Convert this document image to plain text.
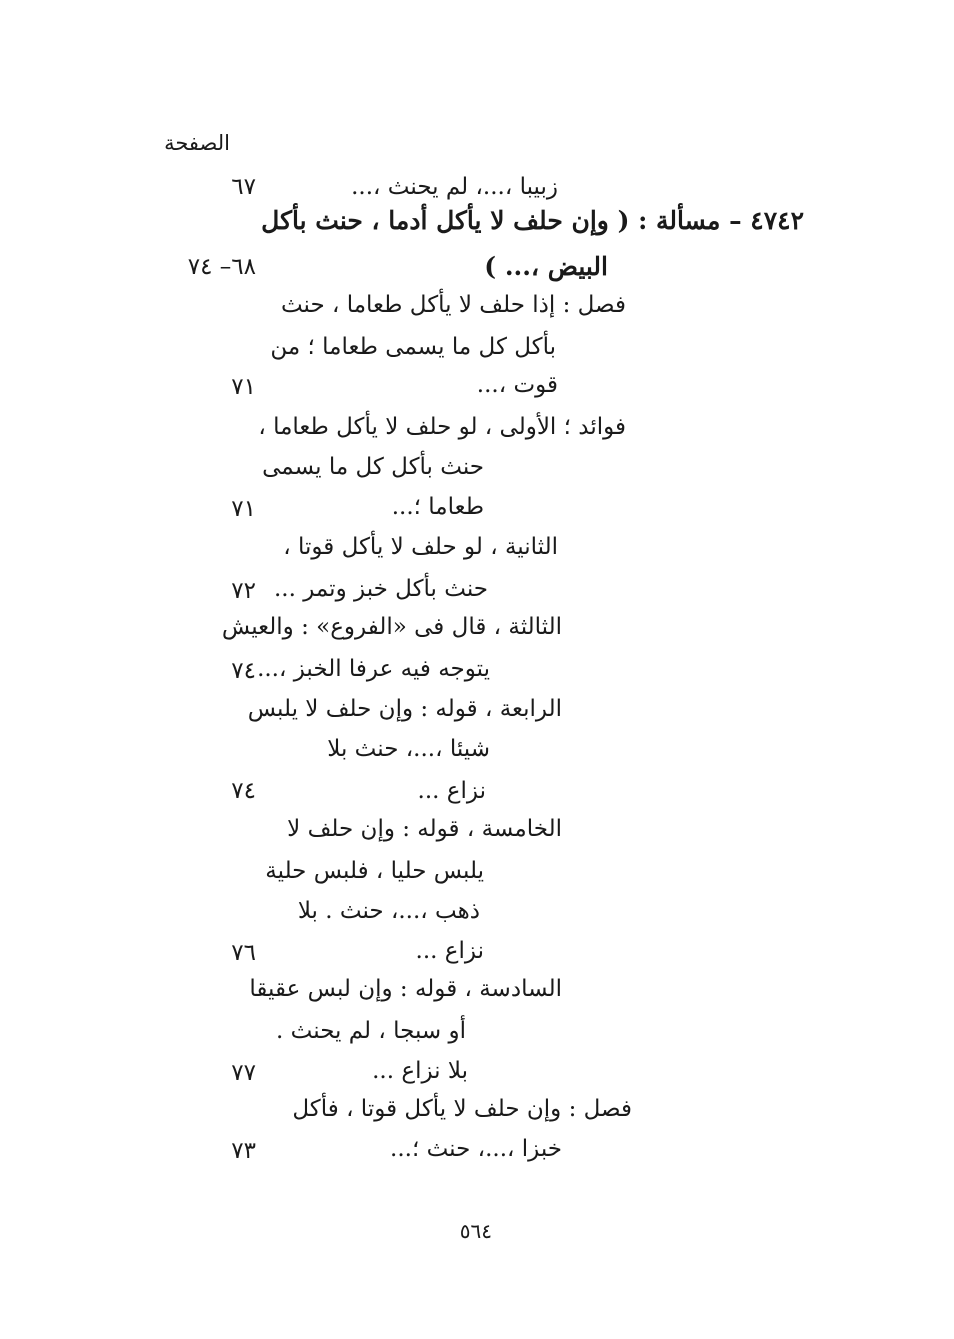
الصفحة
زبيبا ،...، لم يحنث ،...
٦٧
٤٧٤٢ – مسألة : ( وإن حلف لا يأكل أدما ، حنث بأكل
البيض ،... )
٦٨– ٧٤
فصل : إذا حلف لا يأكل طعاما ، حنث
بأكل كل ما يسمى طعاما ؛ من
قوت ،...
٧١
فوائد ؛ الأولى ، لو حلف لا يأكل طعاما ،
حنث بأكل كل ما يسمى
طعاما ؛...
٧١
الثانية ، لو حلف لا يأكل قوتا ،
حنث بأكل خبز وتمر ...
٧٢
الثالثة ، قال فى «الفروع» : والعيش
يتوجه فيه عرفا الخبز ،...
٧٤
الرابعة ، قوله : وإن حلف لا يلبس
شيئا ،...، حنث بلا
نزاع ...
٧٤
الخامسة ، قوله : وإن حلف لا
يلبس حليا ، فلبس حلية
ذهب ،...، حنث . بلا
نزاع ...
٧٦
السادسة ، قوله : وإن لبس عقيقا
أو سبجا ، لم يحنث .
بلا نزاع ...
٧٧
فصل : وإن حلف لا يأكل قوتا ، فأكل
خبزا ،...، حنث ؛...
٧٣
٥٦٤
